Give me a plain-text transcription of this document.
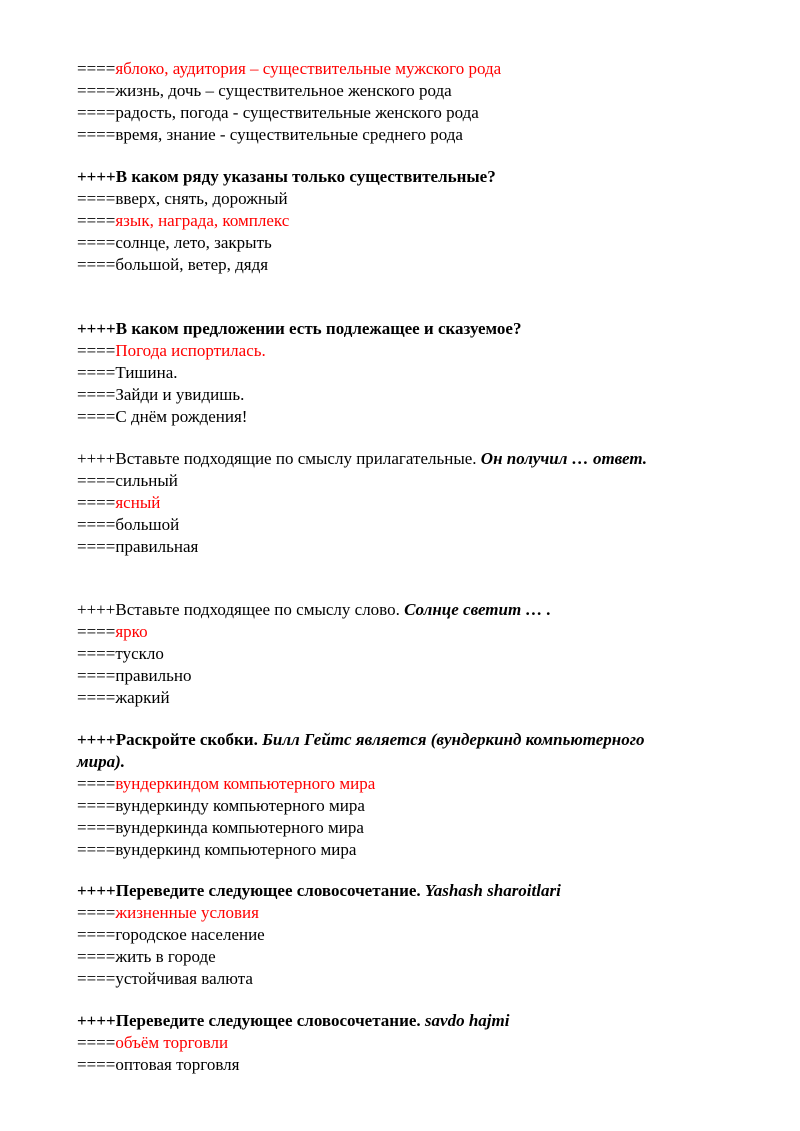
====яблоко, аудитория – существительные мужского рода
====жизнь, дочь – существительное женского рода
====радость, погода - существительные женского рода
====время, знание - существительные среднего рода
++++В каком ряду указаны только существительные?
====вверх, снять, дорожный
====язык, награда, комплекс
====солнце, лето, закрыть
====большой, ветер, дядя
++++В каком предложении есть подлежащее и сказуемое?
====Погода испортилась.
====Тишина.
====Зайди и увидишь.
====С днём рождения!
++++Вставьте подходящие по смыслу прилагательные. Он получил … ответ.
====сильный
====ясный
====большой
====правильная
++++Вставьте подходящее по смыслу слово. Солнце светит … .
====ярко
====тускло
====правильно
====жаркий
++++Раскройте скобки. Билл Гейтс является (вундеркинд компьютерного
мира).
====вундеркиндом компьютерного мира
====вундеркинду компьютерного мира
====вундеркинда компьютерного мира
====вундеркинд компьютерного мира
++++Переведите следующее словосочетание. Yashash sharoitlari
====жизненные условия
====городское население
====жить в городе
====устойчивая валюта
++++Переведите следующее словосочетание. savdo hajmi
====объём торговли
====оптовая торговля
